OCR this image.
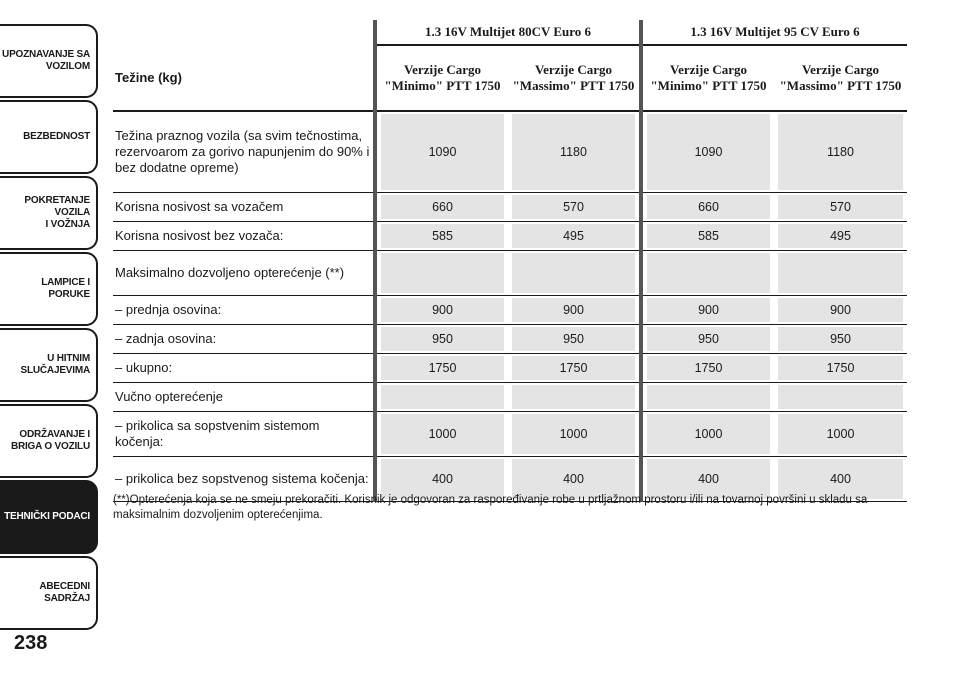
UPOZNAVANJE SA
VOZILOM
BEZBEDNOST
POKRETANJE VOZILA
I VOŽNJA
LAMPICE I PORUKE
U HITNIM
SLUČAJEVIMA
ODRŽAVANJE I
BRIGA O VOZILU
TEHNIČKI PODACI
ABECEDNI SADRŽAJ
238
	1.3 16V Multijet 80CV Euro 6		1.3 16V Multijet 95 CV Euro 6	
Težine (kg)	Verzije Cargo "Minimo" PTT 1750	Verzije Cargo "Massimo" PTT 1750	Verzije Cargo "Minimo" PTT 1750	Verzije Cargo "Massimo" PTT 1750
Težina praznog vozila (sa svim tečnostima, rezervoarom za gorivo napunjenim do 90% i bez dodatne opreme)	1090	1180	1090	1180

Korisna nosivost sa vozačem	660	570	660	570

Korisna nosivost bez vozača:	585	495	585	495

Maksimalno dozvoljeno opterećenje (**)	

– prednja osovina:	900	900	900	900

– zadnja osovina:	950	950	950	950

– ukupno:	1750	1750	1750	1750

Vučno opterećenje	

– prikolica sa sopstvenim sistemom kočenja:	1000	1000	1000	1000

– prikolica bez sopstvenog sistema kočenja:	400	400	400	400
(**)Opterećenja koja se ne smeju prekoračiti. Korisnik je odgovoran za raspoređivanje robe u prtljažnom prostoru i/ili na tovarnoj površini u skladu sa maksimalnim dozvoljenim opterećenjima.
